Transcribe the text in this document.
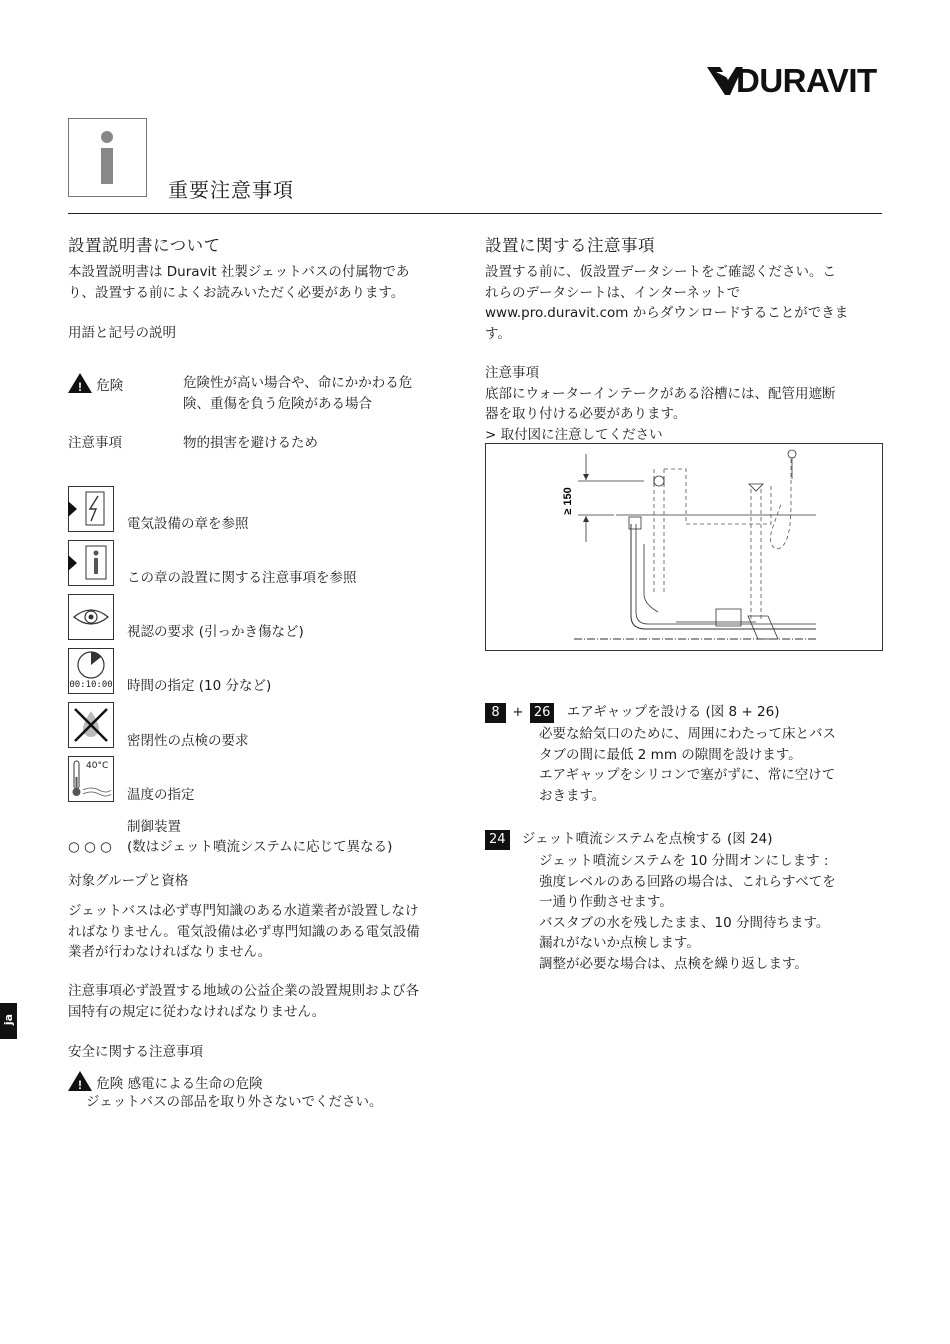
DURAVIT
重要注意事項
ja
設置説明書について
本設置説明書は Duravit 社製ジェットバスの付属物であ
り、設置する前によくお読みいただく必要があります。
用語と記号の説明
! 危険	危険性が高い場合や、命にかかわる危
険、重傷を負う危険がある場合
注意事項	物的損害を避けるため
電気設備の章を参照
この章の設置に関する注意事項を参照
視認の要求 (引っかき傷など)
00:10:00 時間の指定 (10 分など)
密閉性の点検の要求
40°C
温度の指定
制御装置
○ ○ ○ (数はジェット噴流システムに応じて異なる)
対象グループと資格
ジェットバスは必ず専門知識のある水道業者が設置しなけ
ればなりません。電気設備は必ず専門知識のある電気設備
業者が行わなければなりません。
注意事項必ず設置する地域の公益企業の設置規則および各
国特有の規定に従わなければなりません。
安全に関する注意事項
! 危険 感電による生命の危険
ジェットバスの部品を取り外さないでください。
設置に関する注意事項
設置する前に、仮設置データシートをご確認ください。こ
れらのデータシートは、インターネットで
www.pro.duravit.com からダウンロードすることができま
す。
注意事項
底部にウォーターインテークがある浴槽には、配管用遮断
器を取り付ける必要があります。
> 取付図に注意してください
≥ 150
8 + 26 エアギャップを設ける (図 8 + 26)
必要な給気口のために、周囲にわたって床とバス
タブの間に最低 2 mm の隙間を設けます。
エアギャップをシリコンで塞がずに、常に空けて
おきます。
24 ジェット噴流システムを点検する (図 24)
ジェット噴流システムを 10 分間オンにします :
強度レベルのある回路の場合は、これらすべてを
一通り作動させます。
バスタブの水を残したまま、10 分間待ちます。
漏れがないか点検します。
調整が必要な場合は、点検を繰り返します。
